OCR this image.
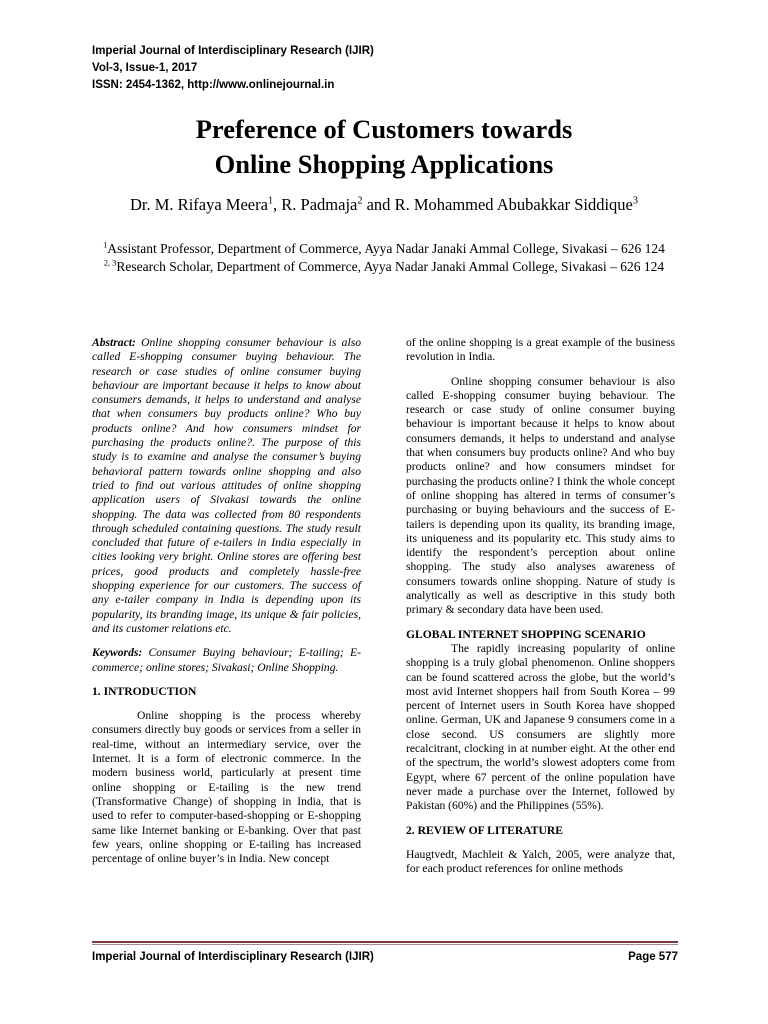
Imperial Journal of Interdisciplinary Research (IJIR)
Vol-3, Issue-1, 2017
ISSN: 2454-1362, http://www.onlinejournal.in
Preference of Customers towards
Online Shopping Applications
Dr. M. Rifaya Meera$^1$, R. Padmaja$^2$ and R. Mohammed Abubakkar Siddique$^3$
$^1$Assistant Professor, Department of Commerce, Ayya Nadar Janaki Ammal College, Sivakasi – 626 124
$^{2, 3}$Research Scholar, Department of Commerce, Ayya Nadar Janaki Ammal College, Sivakasi – 626 124

Abstract: Online shopping consumer behaviour is also called E-shopping consumer buying behaviour. The research or case studies of online consumer buying behaviour are important because it helps to know about consumers demands, it helps to understand and analyse that when consumers buy products online? Who buy products online? And how consumers mindset for purchasing the products online?. The purpose of this study is to examine and analyse the consumer’s buying behavioral pattern towards online shopping and also tried to find out various attitudes of online shopping application users of Sivakasi towards the online shopping. The data was collected from 80 respondents through scheduled containing questions. The study result concluded that future of e-tailers in India especially in cities looking very bright. Online stores are offering best prices, good products and completely hassle-free shopping experience for our customers. The success of any e-tailer company in India is depending upon its popularity, its branding image, its unique & fair policies, and its customer relations etc.

Keywords: Consumer Buying behaviour; E-tailing; E-commerce; online stores; Sivakasi; Online Shopping.

1. INTRODUCTION

Online shopping is the process whereby consumers directly buy goods or services from a seller in real-time, without an intermediary service, over the Internet. It is a form of electronic commerce. In the modern business world, particularly at present time online shopping or E-tailing is the new trend (Transformative Change) of shopping in India, that is used to refer to computer-based-shopping or E-shopping same like Internet banking or E-banking. Over that past few years, online shopping or E-tailing has increased percentage of online buyer’s in India. New concept

of the online shopping is a great example of the business revolution in India.

Online shopping consumer behaviour is also called E-shopping consumer buying behaviour. The research or case study of online consumer buying behaviour is important because it helps to know about consumers demands, it helps to understand and analyse that when consumers buy products online? And who buy products online? and how consumers mindset for purchasing the products online? I think the whole concept of online shopping has altered in terms of consumer’s purchasing or buying behaviours and the success of E-tailers is depending upon its quality, its branding image, its uniqueness and its popularity etc. This study aims to identify the respondent’s perception about online shopping. The study also analyses awareness of consumers towards online shopping. Nature of study is analytically as well as descriptive in this study both primary & secondary data have been used.

GLOBAL INTERNET SHOPPING SCENARIO

The rapidly increasing popularity of online shopping is a truly global phenomenon. Online shoppers can be found scattered across the globe, but the world’s most avid Internet shoppers hail from South Korea – 99 percent of Internet users in South Korea have shopped online. German, UK and Japanese 9 consumers come in a close second. US consumers are slightly more recalcitrant, clocking in at number eight. At the other end of the spectrum, the world’s slowest adopters come from Egypt, where 67 percent of the online population have never made a purchase over the Internet, followed by Pakistan (60%) and the Philippines (55%).

2. REVIEW OF LITERATURE

Haugtvedt, Machleit & Yalch, 2005, were analyze that, for each product references for online methods

Imperial Journal of Interdisciplinary Research (IJIR)	Page 577
